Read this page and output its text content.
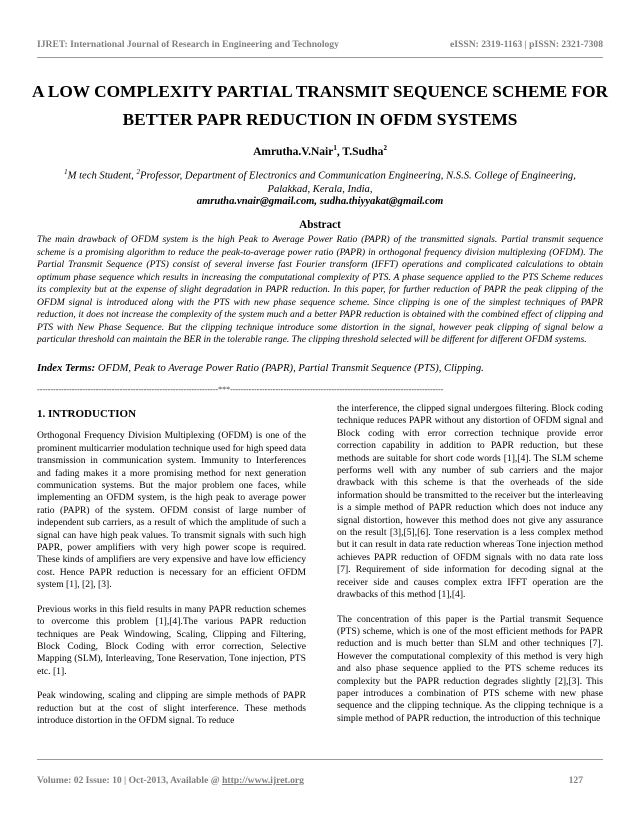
IJRET: International Journal of Research in Engineering and Technology	eISSN: 2319-1163 | pISSN: 2321-7308
A LOW COMPLEXITY PARTIAL TRANSMIT SEQUENCE SCHEME FOR
BETTER PAPR REDUCTION IN OFDM SYSTEMS
Amrutha.V.Nair$^1$, T.Sudha$^2$
$^1$M tech Student, $^2$Professor, Department of Electronics and Communication Engineering, N.S.S. College of Engineering,
Palakkad, Kerala, India,
amrutha.vnair@gmail.com, sudha.thiyyakat@gmail.com
Abstract
The main drawback of OFDM system is the high Peak to Average Power Ratio (PAPR) of the transmitted signals. Partial transmit sequence scheme is a promising algorithm to reduce the peak-to-average power ratio (PAPR) in orthogonal frequency division multiplexing (OFDM). The Partial Transmit Sequence (PTS) consist of several inverse fast Fourier transform (IFFT) operations and complicated calculations to obtain optimum phase sequence which results in increasing the computational complexity of PTS. A phase sequence applied to the PTS Scheme reduces its complexity but at the expense of slight degradation in PAPR reduction. In this paper, for further reduction of PAPR the peak clipping of the OFDM signal is introduced along with the PTS with new phase sequence scheme. Since clipping is one of the simplest techniques of PAPR reduction, it does not increase the complexity of the system much and a better PAPR reduction is obtained with the combined effect of clipping and PTS with New Phase Sequence. But the clipping technique introduce some distortion in the signal, however peak clipping of signal below a particular threshold can maintain the BER in the tolerable range. The clipping threshold selected will be different for different OFDM systems.
Index Terms: OFDM, Peak to Average Power Ratio (PAPR), Partial Transmit Sequence (PTS), Clipping.
--------------------------------------------------------------------***--------------------------------------------------------------------------------
1. INTRODUCTION

Orthogonal Frequency Division Multiplexing (OFDM) is one of the prominent multicarrier modulation technique used for high speed data transmission in communication system. Immunity to Interferences and fading makes it a more promising method for next generation communication systems. But the major problem one faces, while implementing an OFDM system, is the high peak to average power ratio (PAPR) of the system. OFDM consist of large number of independent sub carriers, as a result of which the amplitude of such a signal can have high peak values. To transmit signals with such high PAPR, power amplifiers with very high power scope is required. These kinds of amplifiers are very expensive and have low efficiency cost. Hence PAPR reduction is necessary for an efficient OFDM system [1], [2], [3].

Previous works in this field results in many PAPR reduction schemes to overcome this problem [1],[4].The various PAPR reduction techniques are Peak Windowing, Scaling, Clipping and Filtering, Block Coding, Block Coding with error correction, Selective Mapping (SLM), Interleaving, Tone Reservation, Tone injection, PTS etc. [1].

Peak windowing, scaling and clipping are simple methods of PAPR reduction but at the cost of slight interference. These methods introduce distortion in the OFDM signal. To reduce

the interference, the clipped signal undergoes filtering. Block coding technique reduces PAPR without any distortion of OFDM signal and Block coding with error correction technique provide error correction capability in addition to PAPR reduction, but these methods are suitable for short code words [1],[4]. The SLM scheme performs well with any number of sub carriers and the major drawback with this scheme is that the overheads of the side information should be transmitted to the receiver but the interleaving is a simple method of PAPR reduction which does not induce any signal distortion, however this method does not give any assurance on the result [3],[5],[6]. Tone reservation is a less complex method but it can result in data rate reduction whereas Tone injection method achieves PAPR reduction of OFDM signals with no data rate loss [7]. Requirement of side information for decoding signal at the receiver side and causes complex extra IFFT operation are the drawbacks of this method [1],[4].

The concentration of this paper is the Partial transmit Sequence (PTS) scheme, which is one of the most efficient methods for PAPR reduction and is much better than SLM and other techniques [7]. However the computational complexity of this method is very high and also phase sequence applied to the PTS scheme reduces its complexity but the PAPR reduction degrades slightly [2],[3]. This paper introduces a combination of PTS scheme with new phase sequence and the clipping technique. As the clipping technique is a simple method of PAPR reduction, the introduction of this technique

Volume: 02 Issue: 10 | Oct-2013, Available @ http://www.ijret.org	127
